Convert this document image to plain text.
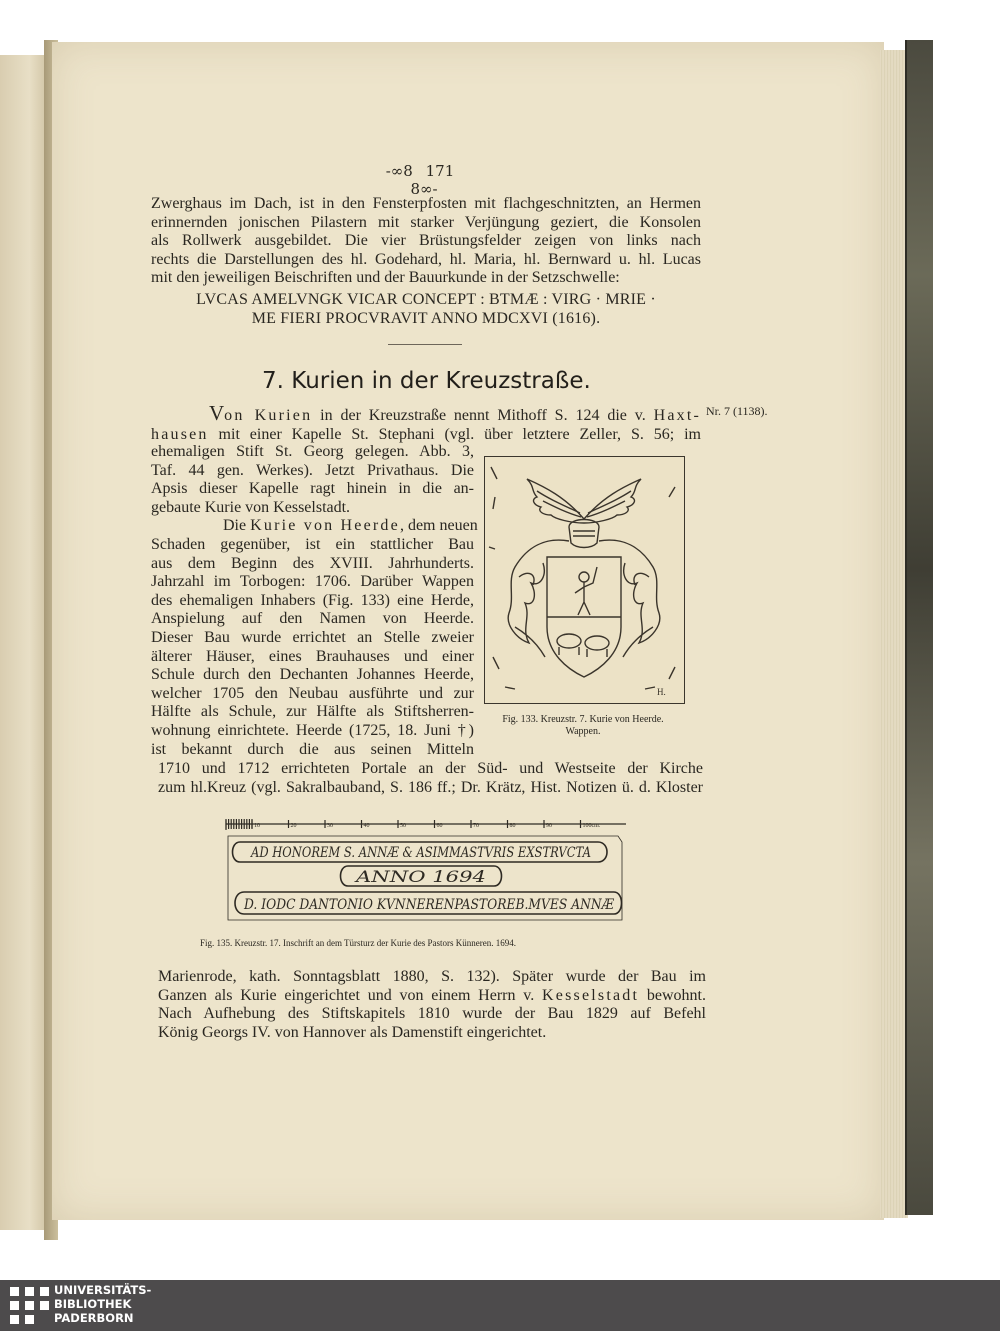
-∞8 171 8∞-
Zwerghaus im Dach, ist in den Fensterpfosten mit flachgeschnitzten, an Hermen
erinnernden jonischen Pilastern mit starker Verjüngung geziert, die Konsolen
als Rollwerk ausgebildet. Die vier Brüstungsfelder zeigen von links nach
rechts die Darstellungen des hl. Godehard, hl. Maria, hl. Bernward u. hl. Lucas
mit den jeweiligen Beischriften und der Bauurkunde in der Setzschwelle:
LVCAS AMELVNGK VICAR CONCEPT : BTMÆ : VIRG · MRIE ·
ME FIERI PROCVRAVIT ANNO MDCXVI (1616).
7. Kurien in der Kreuzstraße.
Nr. 7 (1138).
Von Kurien in der Kreuzstraße nennt Mithoff S. 124 die v. Haxt-
hausen mit einer Kapelle St. Stephani (vgl. über letztere Zeller, S. 56; im
ehemaligen Stift St. Georg gelegen. Abb. 3,
Taf. 44 gen. Werkes). Jetzt Privathaus. Die
Apsis dieser Kapelle ragt hinein in die an-
gebaute Kurie von Kesselstadt.
Die Kurie von Heerde, dem neuen
Schaden gegenüber, ist ein stattlicher Bau
aus dem Beginn des XVIII. Jahrhunderts.
Jahrzahl im Torbogen: 1706. Darüber Wappen
des ehemaligen Inhabers (Fig. 133) eine Herde,
Anspielung auf den Namen von Heerde.
Dieser Bau wurde errichtet an Stelle zweier
älterer Häuser, eines Brauhauses und einer
Schule durch den Dechanten Johannes Heerde,
welcher 1705 den Neubau ausführte und zur
Hälfte als Schule, zur Hälfte als Stiftsherren-
wohnung einrichtete. Heerde (1725, 18. Juni †)
ist bekannt durch die aus seinen Mitteln
1710 und 1712 errichteten Portale an der Süd- und Westseite der Kirche
zum hl.Kreuz (vgl. Sakralbauband, S. 186 ff.; Dr. Krätz, Hist. Notizen ü. d. Kloster
H.
Fig. 133. Kreuzstr. 7. Kurie von Heerde. Wappen.
10	20	30	40	50	60	70	80	90	100cm.
AD HONOREM S. ANNÆ & ASIMMASTVRIS EXSTRVCTA
ANNO 1694
D. IODC DANTONIO KVNNERENPASTOREB.MVES ANNÆ
Fig. 135. Kreuzstr. 17. Inschrift an dem Türsturz der Kurie des Pastors Künneren. 1694.
Marienrode, kath. Sonntagsblatt 1880, S. 132). Später wurde der Bau im
Ganzen als Kurie eingerichtet und von einem Herrn v. Kesselstadt bewohnt.
Nach Aufhebung des Stiftskapitels 1810 wurde der Bau 1829 auf Befehl
König Georgs IV. von Hannover als Damenstift eingerichtet.
UNIVERSITÄTS-
BIBLIOTHEK
PADERBORN
